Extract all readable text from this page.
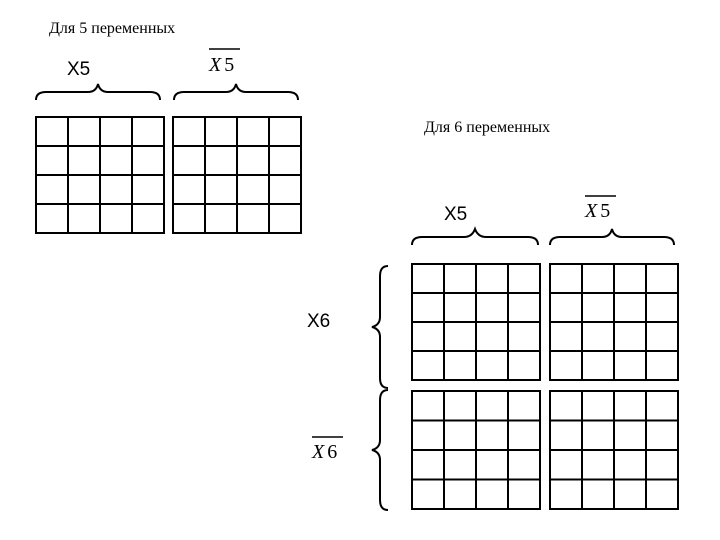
Для 5 переменных
Для 6 переменных
X5	X 5
X5	X 5
X6
X 6
